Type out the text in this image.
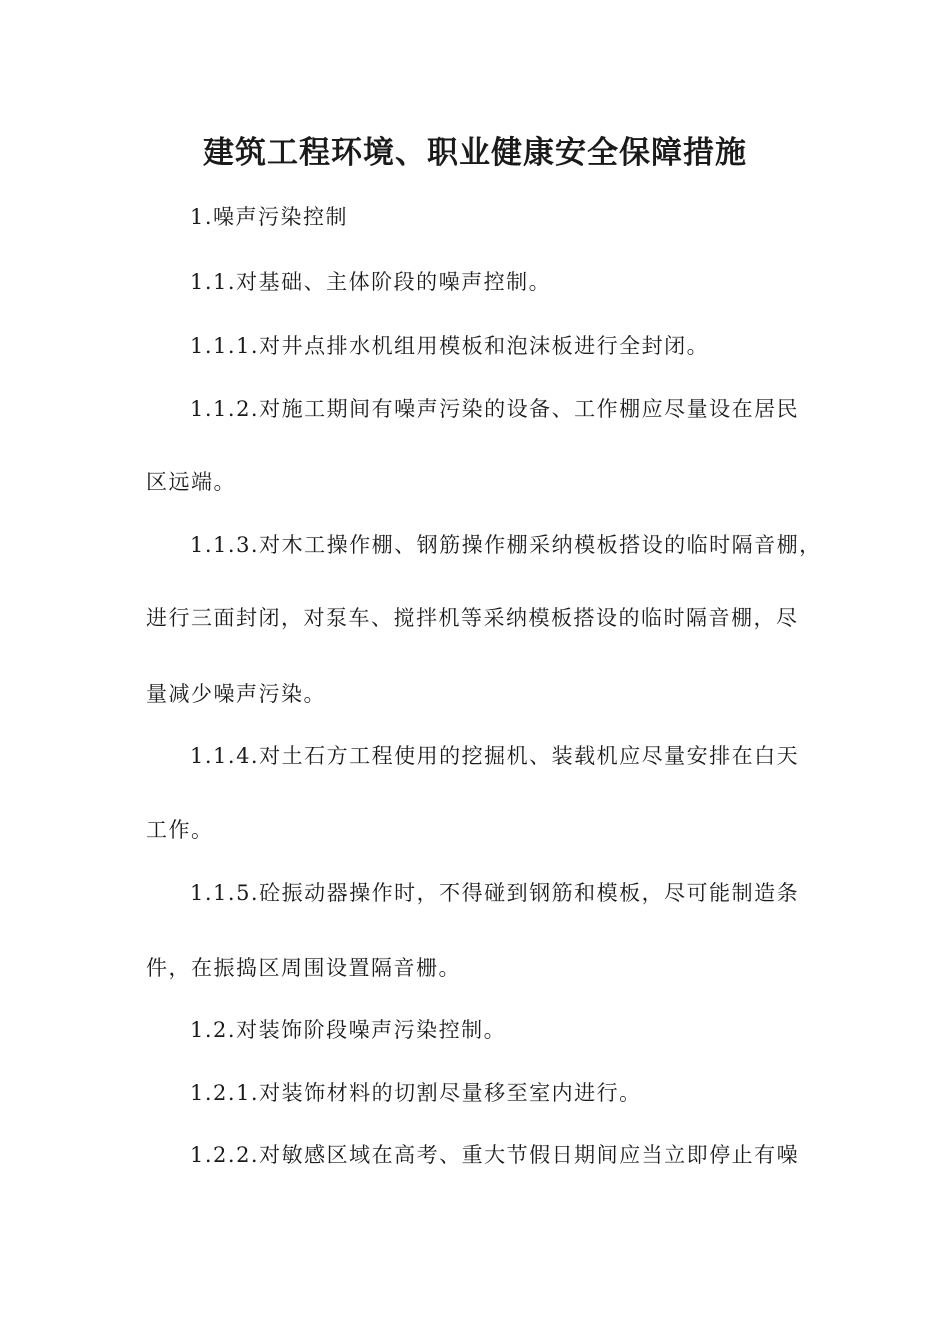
建筑工程环境、职业健康安全保障措施

1.噪声污染控制

1.1.对基础、主体阶段的噪声控制。

1.1.1.对井点排水机组用模板和泡沫板进行全封闭。

1.1.2.对施工期间有噪声污染的设备、工作棚应尽量设在居民

区远端。

1.1.3.对木工操作棚、钢筋操作棚采纳模板搭设的临时隔音棚，

进行三面封闭，对泵车、搅拌机等采纳模板搭设的临时隔音棚，尽

量减少噪声污染。

1.1.4.对土石方工程使用的挖掘机、装载机应尽量安排在白天

工作。

1.1.5.砼振动器操作时，不得碰到钢筋和模板，尽可能制造条

件，在振捣区周围设置隔音栅。

1.2.对装饰阶段噪声污染控制。

1.2.1.对装饰材料的切割尽量移至室内进行。

1.2.2.对敏感区域在高考、重大节假日期间应当立即停止有噪
